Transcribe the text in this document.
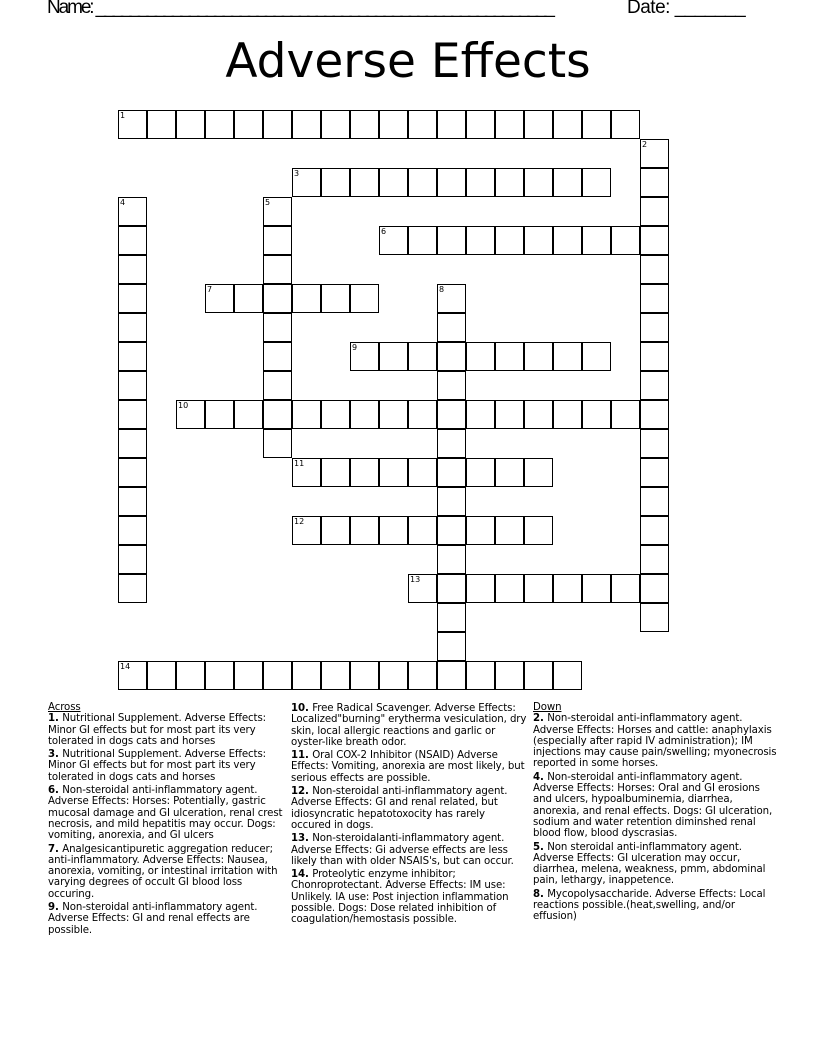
Name: ______________________________________________________	Date: _______
Adverse Effects
1
2
3
4	5
6
7	8
9
10
11
12
13
14
Across

1. Nutritional Supplement. Adverse Effects: Minor GI effects but for most part its very tolerated in dogs cats and horses

3. Nutritional Supplement. Adverse Effects: Minor GI effects but for most part its very tolerated in dogs cats and horses

6. Non-steroidal anti-inflammatory agent. Adverse Effects: Horses: Potentially, gastric mucosal damage and GI ulceration, renal crest necrosis, and mild hepatitis may occur. Dogs: vomiting, anorexia, and GI ulcers

7. Analgesicantipuretic aggregation reducer; anti-inflammatory. Adverse Effects: Nausea, anorexia, vomiting, or intestinal irritation with varying degrees of occult GI blood loss occuring.

9. Non-steroidal anti-inflammatory agent. Adverse Effects: GI and renal effects are possible.

10. Free Radical Scavenger. Adverse Effects: Localized"burning" erytherma vesiculation, dry skin, local allergic reactions and garlic or oyster-like breath odor.

11. Oral COX-2 Inhibitor (NSAID) Adverse Effects: Vomiting, anorexia are most likely, but serious effects are possible.

12. Non-steroidal anti-inflammatory agent. Adverse Effects: GI and renal related, but idiosyncratic hepatotoxocity has rarely occured in dogs.

13. Non-steroidalanti-inflammatory agent. Adverse Effects: Gi adverse effects are less likely than with older NSAIS's, but can occur.

14. Proteolytic enzyme inhibitor; Chonroprotectant. Adverse Effects: IM use: Unlikely. IA use: Post injection inflammation possible. Dogs: Dose related inhibition of coagulation/hemostasis possible.

Down

2. Non-steroidal anti-inflammatory agent. Adverse Effects: Horses and cattle: anaphylaxis (especially after rapid IV administration); IM injections may cause pain/swelling; myonecrosis reported in some horses.

4. Non-steroidal anti-inflammatory agent. Adverse Effects: Horses: Oral and GI erosions and ulcers, hypoalbuminemia, diarrhea, anorexia, and renal effects. Dogs: GI ulceration, sodium and water retention diminshed renal blood flow, blood dyscrasias.

5. Non steroidal anti-inflammatory agent. Adverse Effects: GI ulceration may occur, diarrhea, melena, weakness, pmm, abdominal pain, lethargy, inappetence.

8. Mycopolysaccharide. Adverse Effects: Local reactions possible.(heat,swelling, and/or effusion)
